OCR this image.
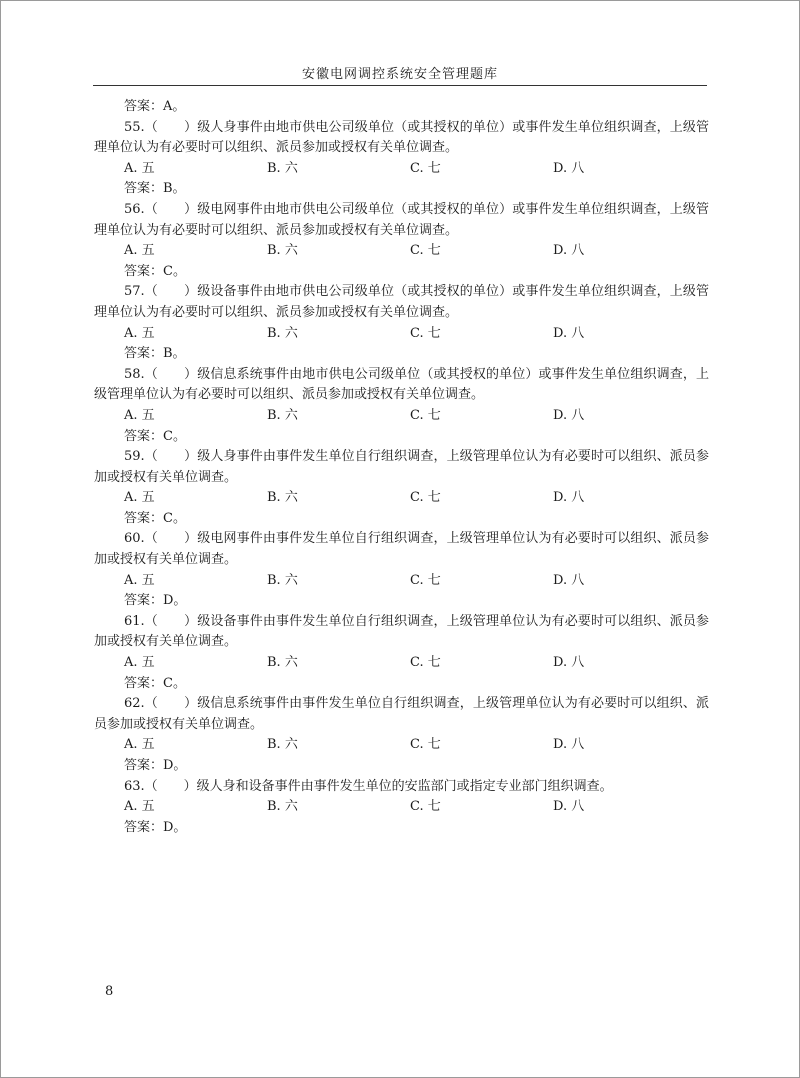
安徽电网调控系统安全管理题库
答案：A。
55.（　　）级人身事件由地市供电公司级单位（或其授权的单位）或事件发生单位组织调查，上级管理单位认为有必要时可以组织、派员参加或授权有关单位调查。
A. 五	B. 六	C. 七	D. 八
答案：B。
56.（　　）级电网事件由地市供电公司级单位（或其授权的单位）或事件发生单位组织调查，上级管理单位认为有必要时可以组织、派员参加或授权有关单位调查。
A. 五	B. 六	C. 七	D. 八
答案：C。
57.（　　）级设备事件由地市供电公司级单位（或其授权的单位）或事件发生单位组织调查，上级管理单位认为有必要时可以组织、派员参加或授权有关单位调查。
A. 五	B. 六	C. 七	D. 八
答案：B。
58.（　　）级信息系统事件由地市供电公司级单位（或其授权的单位）或事件发生单位组织调查，上级管理单位认为有必要时可以组织、派员参加或授权有关单位调查。
A. 五	B. 六	C. 七	D. 八
答案：C。
59.（　　）级人身事件由事件发生单位自行组织调查，上级管理单位认为有必要时可以组织、派员参加或授权有关单位调查。
A. 五	B. 六	C. 七	D. 八
答案：C。
60.（　　）级电网事件由事件发生单位自行组织调查，上级管理单位认为有必要时可以组织、派员参加或授权有关单位调查。
A. 五	B. 六	C. 七	D. 八
答案：D。
61.（　　）级设备事件由事件发生单位自行组织调查，上级管理单位认为有必要时可以组织、派员参加或授权有关单位调查。
A. 五	B. 六	C. 七	D. 八
答案：C。
62.（　　）级信息系统事件由事件发生单位自行组织调查，上级管理单位认为有必要时可以组织、派员参加或授权有关单位调查。
A. 五	B. 六	C. 七	D. 八
答案：D。
63.（　　）级人身和设备事件由事件发生单位的安监部门或指定专业部门组织调查。
A. 五	B. 六	C. 七	D. 八
答案：D。
8
